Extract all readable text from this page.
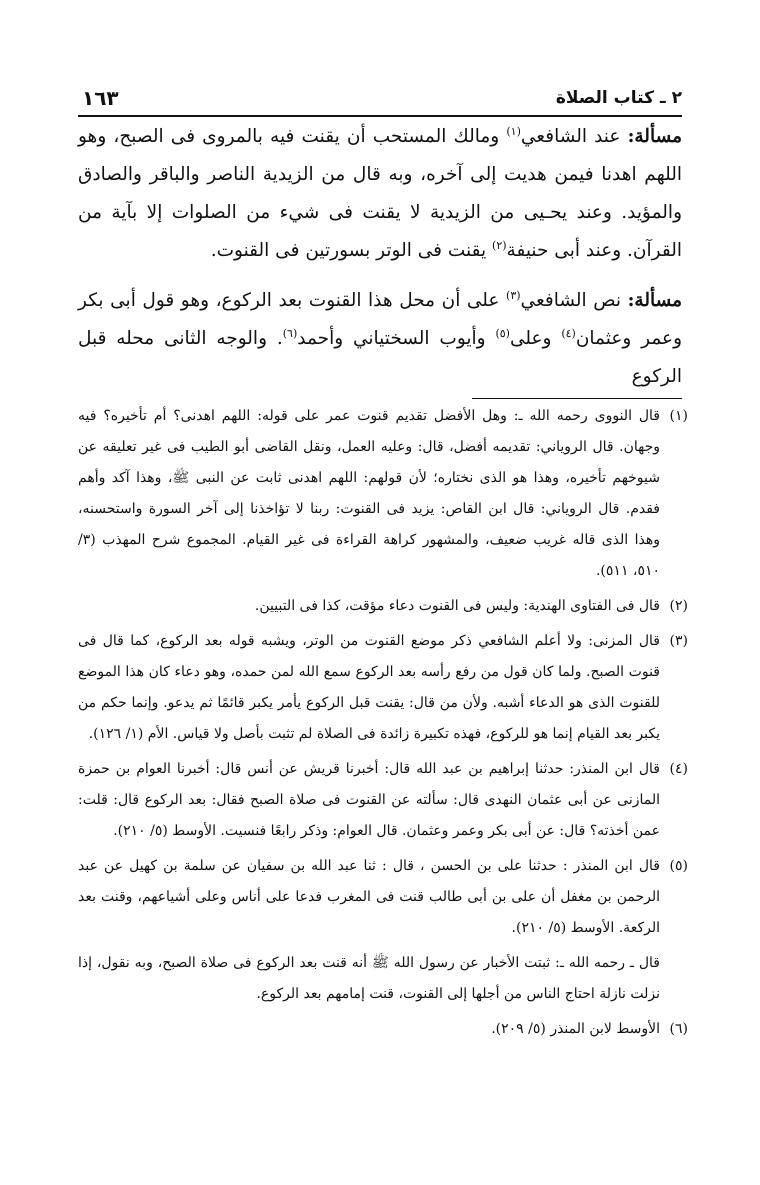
٢ ـ كتاب الصلاة
١٦٣

مسألة: عند الشافعي$^{(١)}$ ومالك المستحب أن يقنت فيه بالمروى فى الصبح، وهو اللهم اهدنا فيمن هديت إلى آخره، وبه قال من الزيدية الناصر والباقر والصادق والمؤيد. وعند يحـيى من الزيدية لا يقنت فى شيء من الصلوات إلا بآية من القرآن. وعند أبى حنيفة$^{(٢)}$ يقنت فى الوتر بسورتين فى القنوت.

مسألة: نص الشافعي$^{(٣)}$ على أن محل هذا القنوت بعد الركوع، وهو قول أبى بكر وعمر وعثمان$^{(٤)}$ وعلى$^{(٥)}$ وأيوب السختياني وأحمد$^{(٦)}$. والوجه الثانى محله قبل الركوع

(١)
قال النووى رحمه الله ـ: وهل الأفضل تقديم قنوت عمر على قوله: اللهم اهدنى؟ أم تأخيره؟ فيه وجهان. قال الروياني: تقديمه أفضل، قال: وعليه العمل، ونقل القاضى أبو الطيب فى غير تعليقه عن شيوخهم تأخيره، وهذا هو الذى نختاره؛ لأن قولهم: اللهم اهدنى ثابت عن النبى ﷺ، وهذا آكد وأهم فقدم. قال الروياني: قال ابن القاص: يزيد فى القنوت: ربنا لا تؤاخذنا إلى آخر السورة واستحسنه، وهذا الذى قاله غريب ضعيف، والمشهور كراهة القراءة فى غير القيام. المجموع شرح المهذب (٣/ ٥١٠، ٥١١).

(٢)
قال فى الفتاوى الهندية: وليس فى القنوت دعاء مؤقت، كذا فى التبيين.

(٣)
قال المزنى: ولا أعلم الشافعي ذكر موضع القنوت من الوتر، ويشبه قوله بعد الركوع، كما قال فى قنوت الصبح. ولما كان قول من رفع رأسه بعد الركوع سمع الله لمن حمده، وهو دعاء كان هذا الموضع للقنوت الذى هو الدعاء أشبه. ولأن من قال: يقنت قبل الركوع يأمر يكبر قائمًا ثم يدعو. وإنما حكم من يكبر بعد القيام إنما هو للركوع، فهذه تكبيرة زائدة فى الصلاة لم تثبت بأصل ولا قياس. الأم (١/ ١٢٦).

(٤)
قال ابن المنذر: حدثنا إبراهيم بن عبد الله قال: أخبرنا قريش عن أنس قال: أخبرنا العوام بن حمزة المازنى عن أبى عثمان النهدى قال: سألته عن القنوت فى صلاة الصبح فقال: بعد الركوع قال: قلت: عمن أخذته؟ قال: عن أبى بكر وعمر وعثمان. قال العوام: وذكر رابعًا فنسيت. الأوسط (٥/ ٢١٠).

(٥)
قال ابن المنذر : حدثنا على بن الحسن ، قال : ثنا عبد الله بن سفيان عن سلمة بن كهيل عن عبد الرحمن بن مغفل أن على بن أبى طالب قنت فى المغرب فدعا على أناس وعلى أشياعهم، وقنت بعد الركعة. الأوسط (٥/ ٢١٠).
قال ـ رحمه الله ـ: ثبتت الأخبار عن رسول الله ﷺ أنه قنت بعد الركوع فى صلاة الصبح، وبه نقول، إذا نزلت نازلة احتاج الناس من أجلها إلى القنوت، قنت إمامهم بعد الركوع.

(٦)
الأوسط لابن المنذر (٥/ ٢٠٩).
